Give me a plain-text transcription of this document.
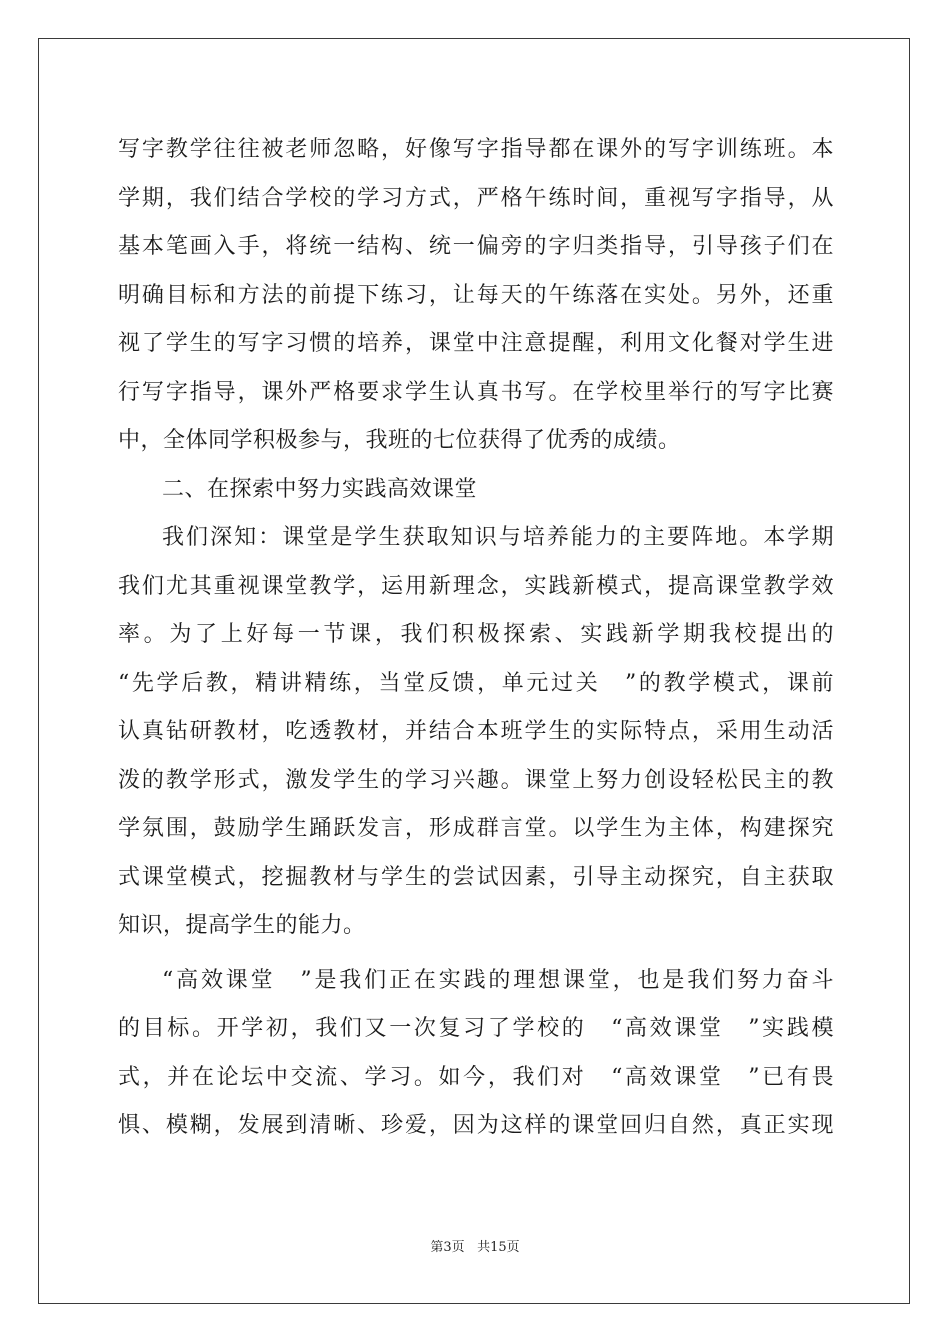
写字教学往往被老师忽略，好像写字指导都在课外的写字训练班。本
学期，我们结合学校的学习方式，严格午练时间，重视写字指导，从
基本笔画入手，将统一结构、统一偏旁的字归类指导，引导孩子们在
明确目标和方法的前提下练习，让每天的午练落在实处。另外，还重
视了学生的写字习惯的培养，课堂中注意提醒，利用文化餐对学生进
行写字指导，课外严格要求学生认真书写。在学校里举行的写字比赛
中，全体同学积极参与，我班的七位获得了优秀的成绩。
二、在探索中努力实践高效课堂
我们深知：课堂是学生获取知识与培养能力的主要阵地。本学期
我们尤其重视课堂教学，运用新理念，实践新模式，提高课堂教学效
率。为了上好每一节课，我们积极探索、实践新学期我校提出的
“先学后教，精讲精练，当堂反馈，单元过关　”的教学模式，课前
认真钻研教材，吃透教材，并结合本班学生的实际特点，采用生动活
泼的教学形式，激发学生的学习兴趣。课堂上努力创设轻松民主的教
学氛围，鼓励学生踊跃发言，形成群言堂。以学生为主体，构建探究
式课堂模式，挖掘教材与学生的尝试因素，引导主动探究，自主获取
知识，提高学生的能力。
“高效课堂　”是我们正在实践的理想课堂，也是我们努力奋斗
的目标。开学初，我们又一次复习了学校的　“高效课堂　”实践模
式，并在论坛中交流、学习。如今，我们对　“高效课堂　”已有畏
惧、模糊，发展到清晰、珍爱，因为这样的课堂回归自然，真正实现
第3页 共15页
